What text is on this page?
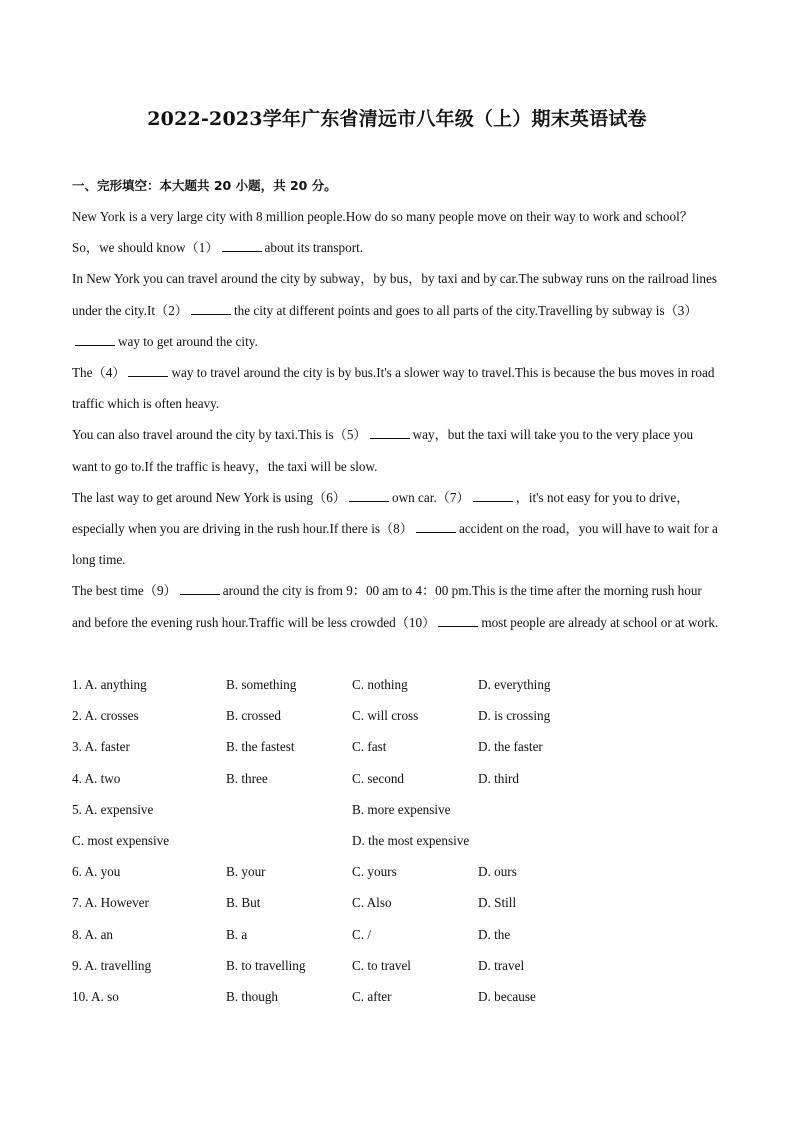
2022-2023学年广东省清远市八年级（上）期末英语试卷
一、完形填空：本大题共 20 小题，共 20 分。

New York is a very large city with 8 million people.How do so many people move on their way to work and school？So，we should know（1）	about its transport.

In New York you can travel around the city by subway，by bus，by taxi and by car.The subway runs on the railroad lines under the city.It（2）	the city at different points and goes to all parts of the city.Travelling by subway is（3）way to get around the city.

The（4）	way to travel around the city is by bus.It's a slower way to travel.This is because the bus moves in road traffic which is often heavy.

You can also travel around the city by taxi.This is（5）	way，but the taxi will take you to the very place you want to go to.If the traffic is heavy，the taxi will be slow.

The last way to get around New York is using（6）	own car.（7）	，it's not easy for you to drive，especially when you are driving in the rush hour.If there is（8）	accident on the road，you will have to wait for a long time.

The best time（9）	around the city is from 9：00 am to 4：00 pm.This is the time after the morning rush hour and before the evening rush hour.Traffic will be less crowded（10）	most people are already at school or at work.

1. A. anything	B. something	C. nothing	D. everything
2. A. crosses	B. crossed	C. will cross	D. is crossing
3. A. faster	B. the fastest	C. fast	D. the faster
4. A. two	B. three	C. second	D. third
5. A. expensive	B. more expensive
C. most expensive	D. the most expensive
6. A. you	B. your	C. yours	D. ours
7. A. However	B. But	C. Also	D. Still
8. A. an	B. a	C. /	D. the
9. A. travelling	B. to travelling	C. to travel	D. travel
10. A. so	B. though	C. after	D. because
